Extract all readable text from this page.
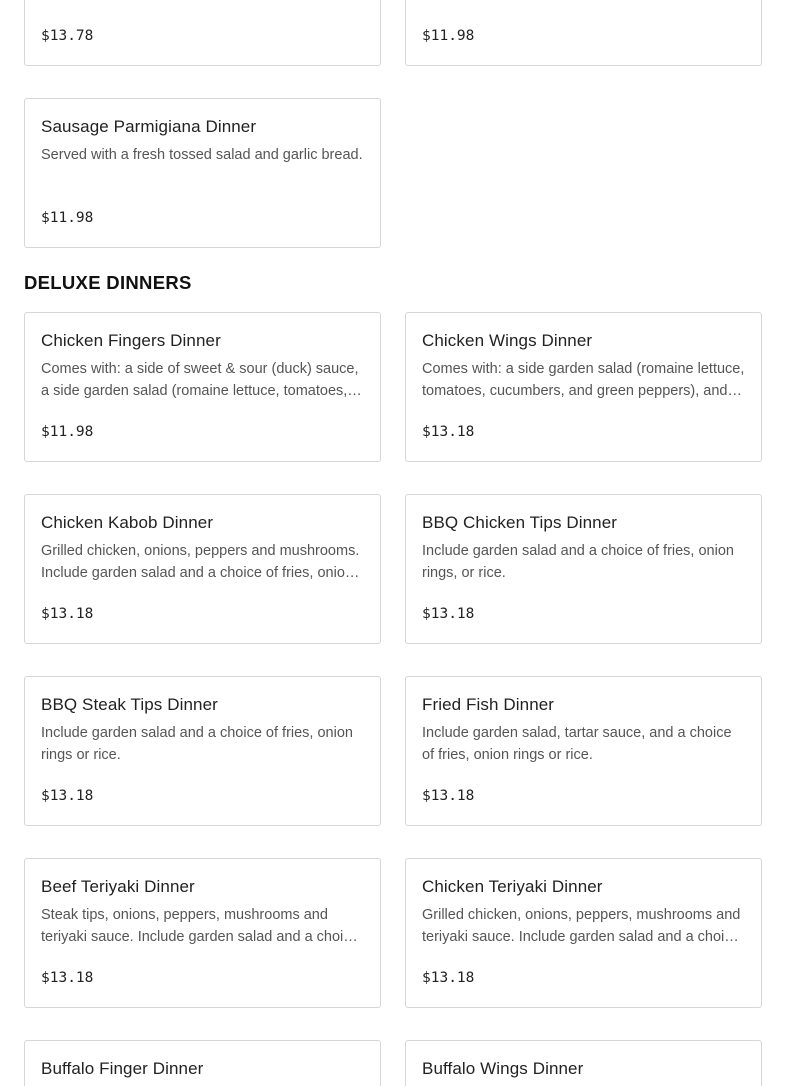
$13.78	$11.98
Sausage Parmigiana Dinner
Served with a fresh tossed salad and garlic bread.
$11.98
DELUXE DINNERS
Chicken Fingers Dinner
Comes with: a side of sweet & sour (duck) sauce, a side garden salad (romaine lettuce, tomatoes,
$11.98
Chicken Wings Dinner
Comes with: a side garden salad (romaine lettuce, tomatoes, cucumbers, and green peppers), and a
$13.18
Chicken Kabob Dinner
Grilled chicken, onions, peppers and mushrooms. Include garden salad and a choice of fries, onion
$13.18
BBQ Chicken Tips Dinner
Include garden salad and a choice of fries, onion rings, or rice.
$13.18
BBQ Steak Tips Dinner
Include garden salad and a choice of fries, onion rings or rice.
$13.18
Fried Fish Dinner
Include garden salad, tartar sauce, and a choice of fries, onion rings or rice.
$13.18
Beef Teriyaki Dinner
Steak tips, onions, peppers, mushrooms and teriyaki sauce. Include garden salad and a choice
$13.18
Chicken Teriyaki Dinner
Grilled chicken, onions, peppers, mushrooms and teriyaki sauce. Include garden salad and a choice
$13.18
Buffalo Finger Dinner	Buffalo Wings Dinner
